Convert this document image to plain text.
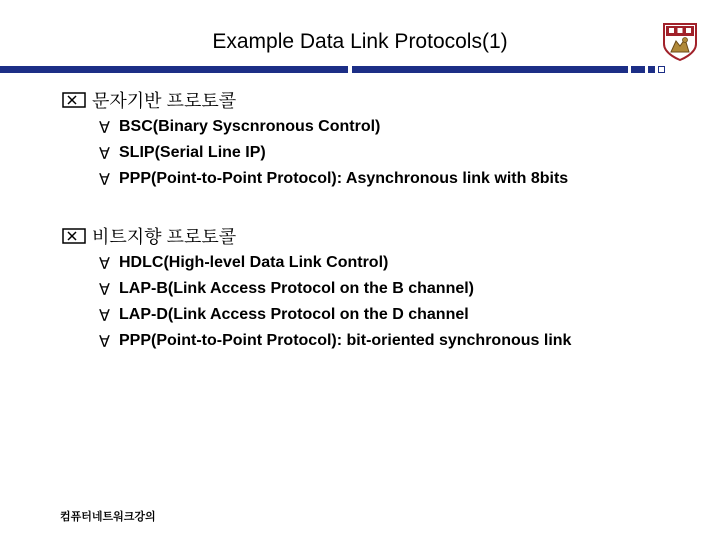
Example Data Link Protocols(1)
문자기반 프로토콜
∀ BSC(Binary Syscnronous Control)
∀ SLIP(Serial Line IP)
∀ PPP(Point-to-Point Protocol): Asynchronous link with 8bits
비트지향 프로토콜
∀ HDLC(High-level Data Link Control)
∀ LAP-B(Link Access Protocol on the B channel)
∀ LAP-D(Link Access Protocol on the D channel
∀ PPP(Point-to-Point Protocol): bit-oriented synchronous link
컴퓨터네트워크강의
